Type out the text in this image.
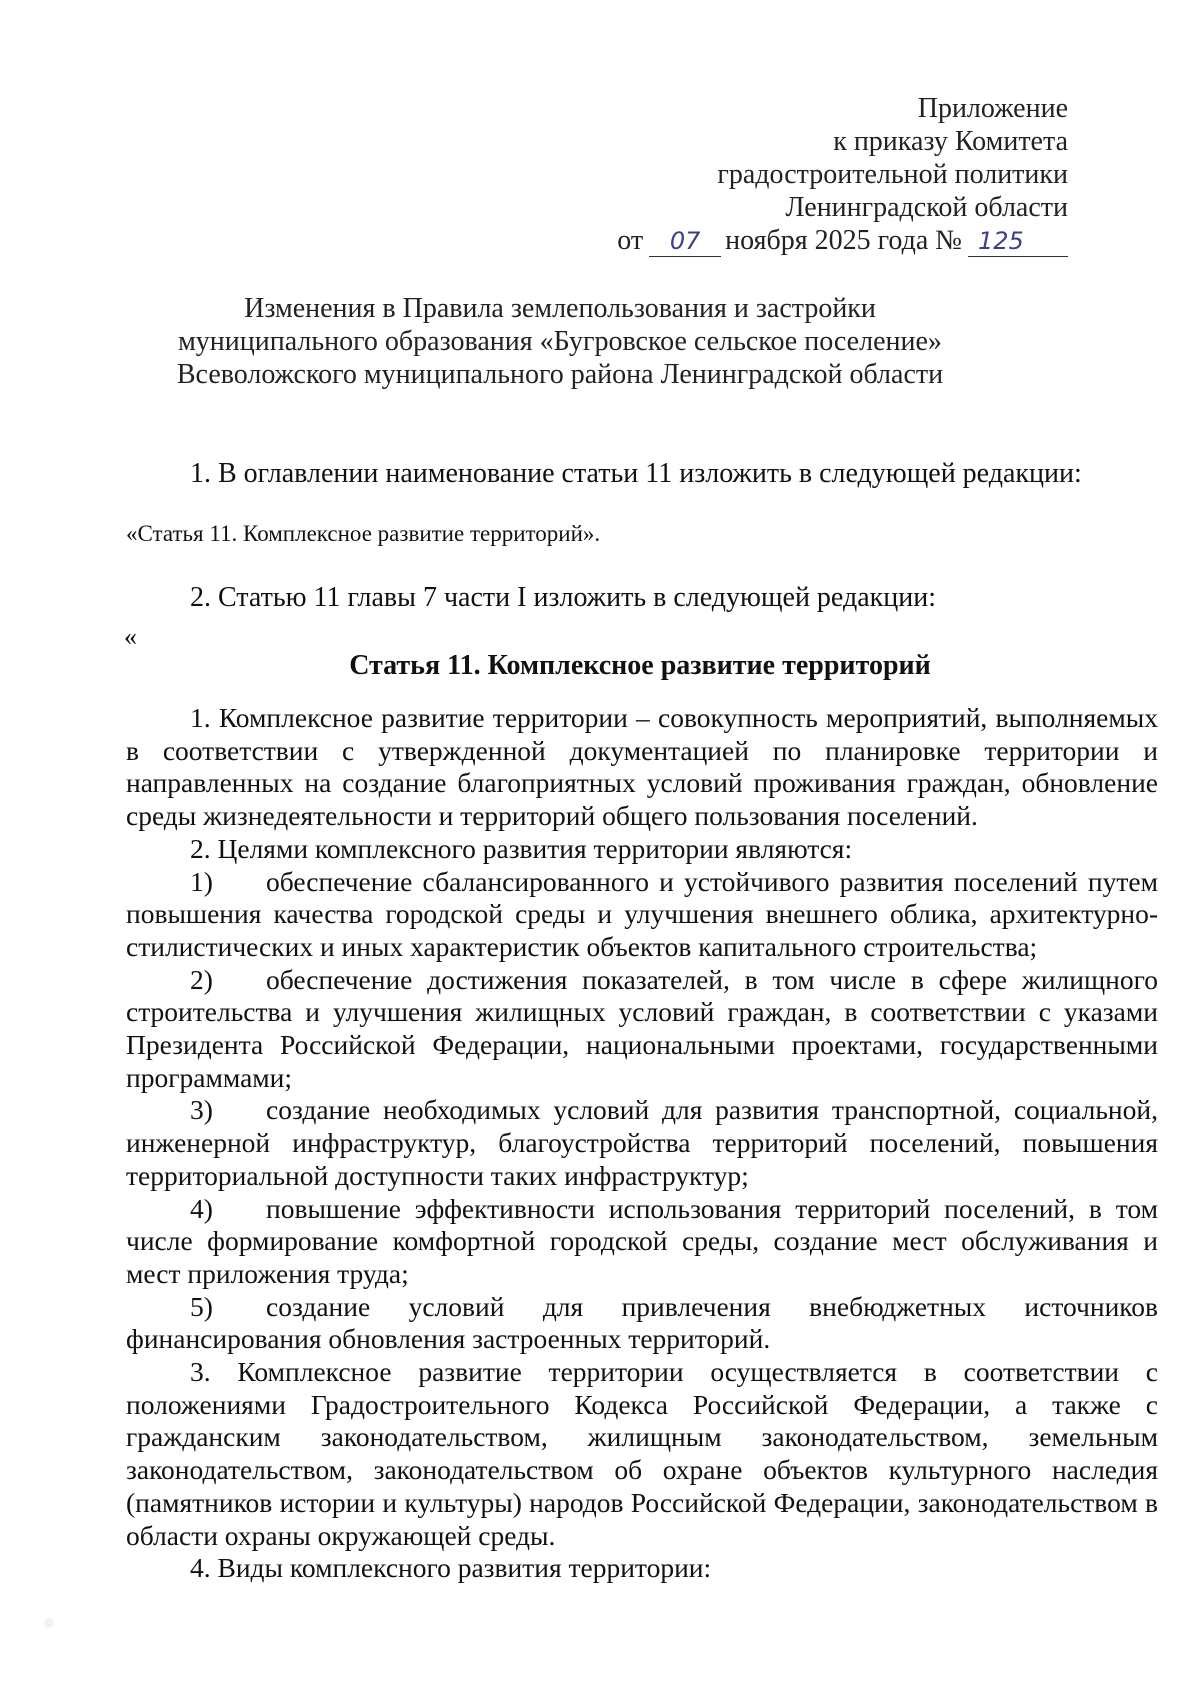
Приложение
к приказу Комитета
градостроительной политики
Ленинградской области
от 07 ноября 2025 года № 125
Изменения в Правила землепользования и застройки
муниципального образования «Бугровское сельское поселение»
Всеволожского муниципального района Ленинградской области
1. В оглавлении наименование статьи 11 изложить в следующей редакции:
«Статья 11. Комплексное развитие территорий».
2. Статью 11 главы 7 части I изложить в следующей редакции:
«
Статья 11. Комплексное развитие территорий

1. Комплексное развитие территории – совокупность мероприятий, выполняемых в соответствии с утвержденной документацией по планировке территории и направленных на создание благоприятных условий проживания граждан, обновление среды жизнедеятельности и территорий общего пользования поселений.

2. Целями комплексного развития территории являются:

1) обеспечение сбалансированного и устойчивого развития поселений путем повышения качества городской среды и улучшения внешнего облика, архитектурно-стилистических и иных характеристик объектов капитального строительства;

2) обеспечение достижения показателей, в том числе в сфере жилищного строительства и улучшения жилищных условий граждан, в соответствии с указами Президента Российской Федерации, национальными проектами, государственными программами;

3) создание необходимых условий для развития транспортной, социальной, инженерной инфраструктур, благоустройства территорий поселений, повышения территориальной доступности таких инфраструктур;

4) повышение эффективности использования территорий поселений, в том числе формирование комфортной городской среды, создание мест обслуживания и мест приложения труда;

5) создание условий для привлечения внебюджетных источников финансирования обновления застроенных территорий.

3. Комплексное развитие территории осуществляется в соответствии с положениями Градостроительного Кодекса Российской Федерации, а также с гражданским законодательством, жилищным законодательством, земельным законодательством, законодательством об охране объектов культурного наследия (памятников истории и культуры) народов Российской Федерации, законодательством в области охраны окружающей среды.

4. Виды комплексного развития территории:
